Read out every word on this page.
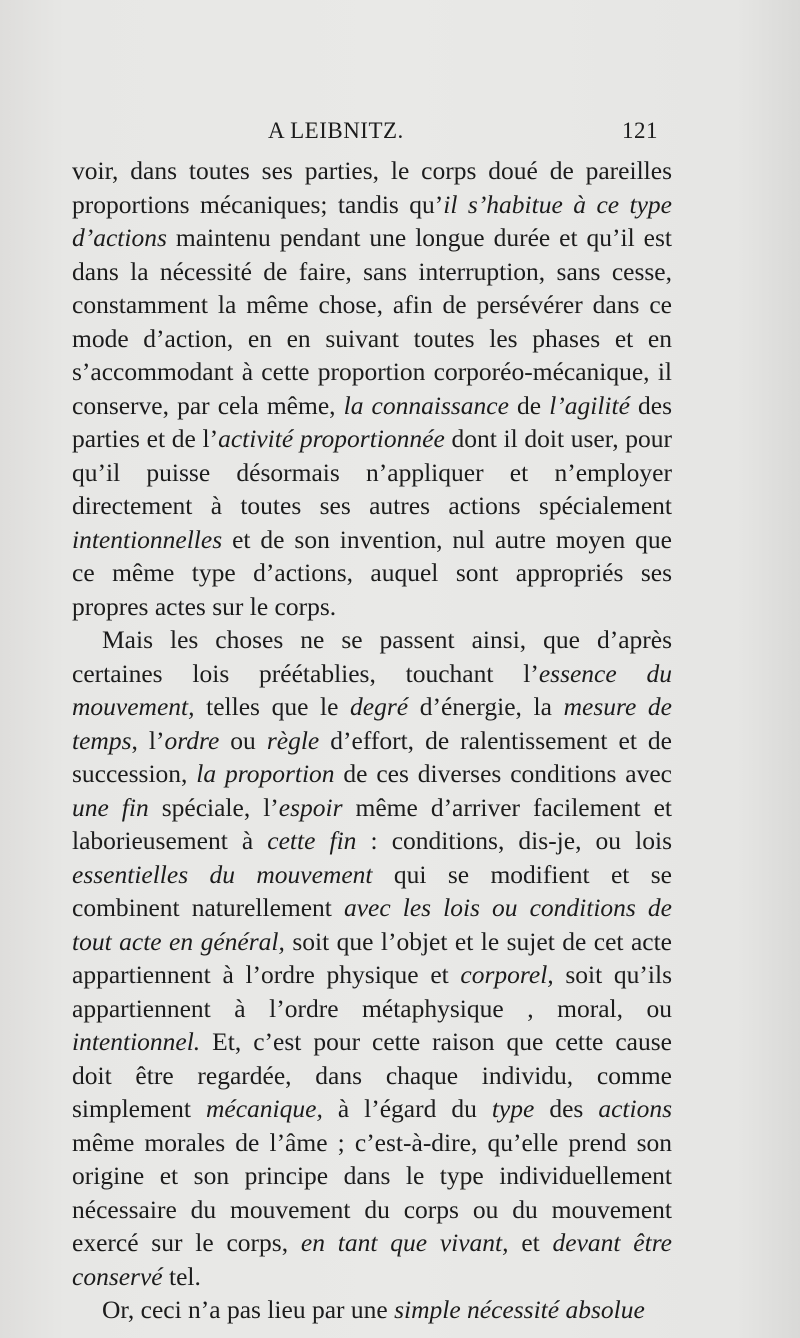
A LEIBNITZ.	121

voir, dans toutes ses parties, le corps doué de pareilles proportions mécaniques; tandis qu’il s’habitue à ce type d’actions maintenu pendant une longue durée et qu’il est dans la nécessité de faire, sans interruption, sans cesse, constamment la même chose, afin de persévérer dans ce mode d’action, en en suivant toutes les phases et en s’accommodant à cette proportion corporéo-mécanique, il conserve, par cela même, la connaissance de l’agilité des parties et de l’activité proportionnée dont il doit user, pour qu’il puisse désormais n’appliquer et n’employer directement à toutes ses autres actions spécialement intentionnelles et de son invention, nul autre moyen que ce même type d’actions, auquel sont appropriés ses propres actes sur le corps.

Mais les choses ne se passent ainsi, que d’après certaines lois préétablies, touchant l’essence du mouvement, telles que le degré d’énergie, la mesure de temps, l’ordre ou règle d’effort, de ralentissement et de succession, la proportion de ces diverses conditions avec une fin spéciale, l’espoir même d’arriver facilement et laborieusement à cette fin : conditions, dis-je, ou lois essentielles du mouvement qui se modifient et se combinent naturellement avec les lois ou conditions de tout acte en général, soit que l’objet et le sujet de cet acte appartiennent à l’ordre physique et corporel, soit qu’ils appartiennent à l’ordre métaphysique , moral, ou intentionnel. Et, c’est pour cette raison que cette cause doit être regardée, dans chaque individu, comme simplement mécanique, à l’égard du type des actions même morales de l’âme ; c’est-à-dire, qu’elle prend son origine et son principe dans le type individuellement nécessaire du mouvement du corps ou du mouvement exercé sur le corps, en tant que vivant, et devant être conservé tel.

Or, ceci n’a pas lieu par une simple nécessité absolue
